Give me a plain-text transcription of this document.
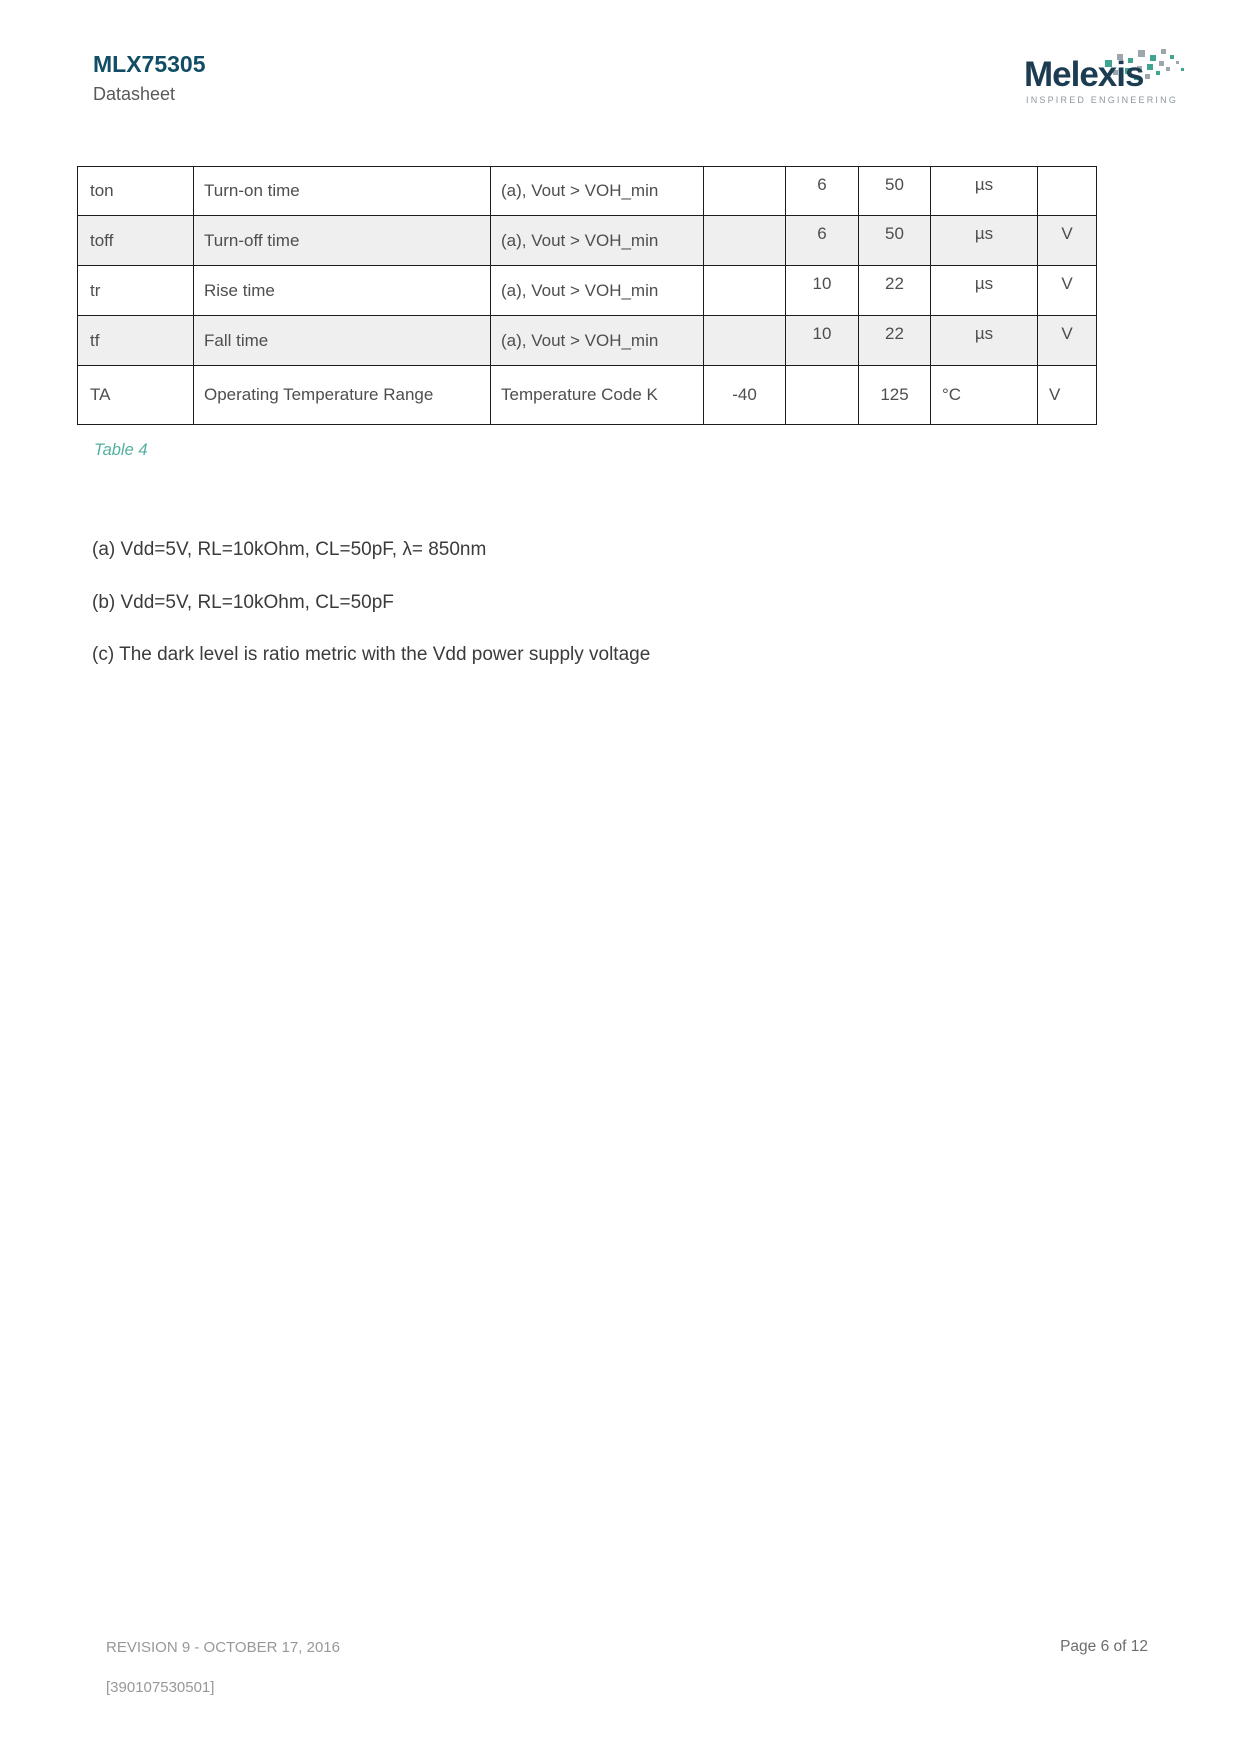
MLX75305
Datasheet
Melexis
INSPIRED ENGINEERING
ton	Turn-on time	(a), Vout > VOH_min		6	50	µs	
toff	Turn-off time	(a), Vout > VOH_min		6	50	µs	V
tr	Rise time	(a), Vout > VOH_min		10	22	µs	V
tf	Fall time	(a), Vout > VOH_min		10	22	µs	V
TA	Operating Temperature Range	Temperature Code K	-40		125	°C	V
Table 4
(a) Vdd=5V, RL=10kOhm, CL=50pF, λ= 850nm
(b) Vdd=5V, RL=10kOhm, CL=50pF
(c) The dark level is ratio metric with the Vdd power supply voltage
REVISION 9 - OCTOBER 17, 2016
[390107530501]
Page 6 of 12
